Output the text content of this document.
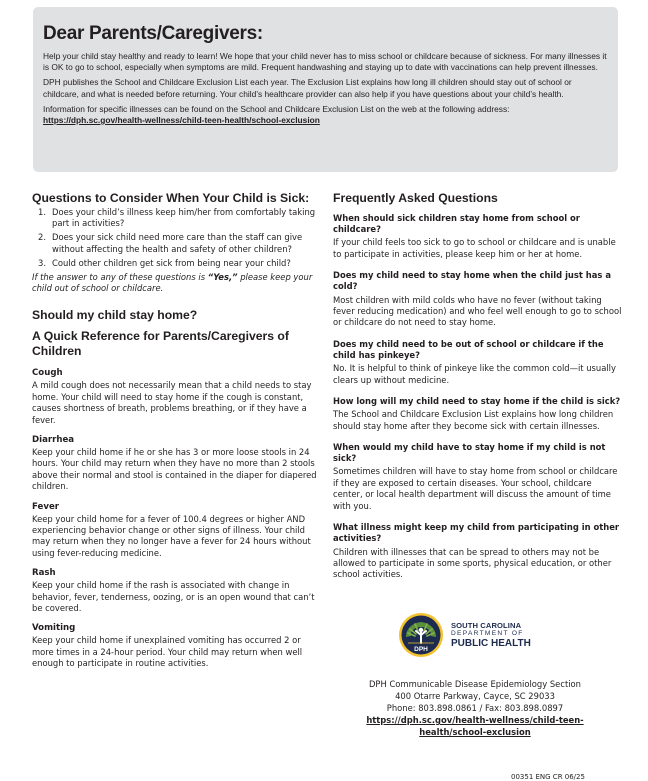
Dear Parents/Caregivers:

Help your child stay healthy and ready to learn! We hope that your child never has to miss school or childcare because of sickness. For many illnesses it is OK to go to school, especially when symptoms are mild. Frequent handwashing and staying up to date with vaccinations can help prevent illnesses.

DPH publishes the School and Childcare Exclusion List each year. The Exclusion List explains how long ill children should stay out of school or childcare, and what is needed before returning. Your child’s healthcare provider can also help if you have questions about your child’s health.

Information for specific illnesses can be found on the School and Childcare Exclusion List on the web at the following address:
https://dph.sc.gov/health-wellness/child-teen-health/school-exclusion

Questions to Consider When Your Child is Sick:
1. Does your child’s illness keep him/her from comfortably taking part in activities?
2. Does your sick child need more care than the staff can give without affecting the health and safety of other children?
3. Could other children get sick from being near your child?

If the answer to any of these questions is “Yes,” please keep your child out of school or childcare.

Should my child stay home?
A Quick Reference for Parents/Caregivers of Children
Cough

A mild cough does not necessarily mean that a child needs to stay home. Your child will need to stay home if the cough is constant, causes shortness of breath, problems breathing, or if they have a fever.

Diarrhea

Keep your child home if he or she has 3 or more loose stools in 24 hours. Your child may return when they have no more than 2 stools above their normal and stool is contained in the diaper for diapered children.

Fever

Keep your child home for a fever of 100.4 degrees or higher AND experiencing behavior change or other signs of illness. Your child may return when they no longer have a fever for 24 hours without using fever-reducing medicine.

Rash

Keep your child home if the rash is associated with change in behavior, fever, tenderness, oozing, or is an open wound that can’t be covered.

Vomiting

Keep your child home if unexplained vomiting has occurred 2 or more times in a 24-hour period. Your child may return when well enough to participate in routine activities.

Frequently Asked Questions
When should sick children stay home from school or childcare?

If your child feels too sick to go to school or childcare and is unable to participate in activities, please keep him or her at home.

Does my child need to stay home when the child just has a cold?

Most children with mild colds who have no fever (without taking fever reducing medication) and who feel well enough to go to school or childcare do not need to stay home.

Does my child need to be out of school or childcare if the child has pinkeye?

No. It is helpful to think of pinkeye like the common cold—it usually clears up without medicine.

How long will my child need to stay home if the child is sick?

The School and Childcare Exclusion List explains how long children should stay home after they become sick with certain illnesses.

When would my child have to stay home if my child is not sick?

Sometimes children will have to stay home from school or childcare if they are exposed to certain diseases. Your school, childcare center, or local health department will discuss the amount of time with you.

What illness might keep my child from participating in other activities?

Children with illnesses that can be spread to others may not be allowed to participate in some sports, physical education, or other school activities.

DPH
SOUTH CAROLINA
DEPARTMENT OF
PUBLIC HEALTH
DPH Communicable Disease Epidemiology Section
400 Otarre Parkway, Cayce, SC 29033
Phone: 803.898.0861 / Fax: 803.898.0897
https://dph.sc.gov/health-wellness/child-teen-health/school-exclusion
00351 ENG CR 06/25
